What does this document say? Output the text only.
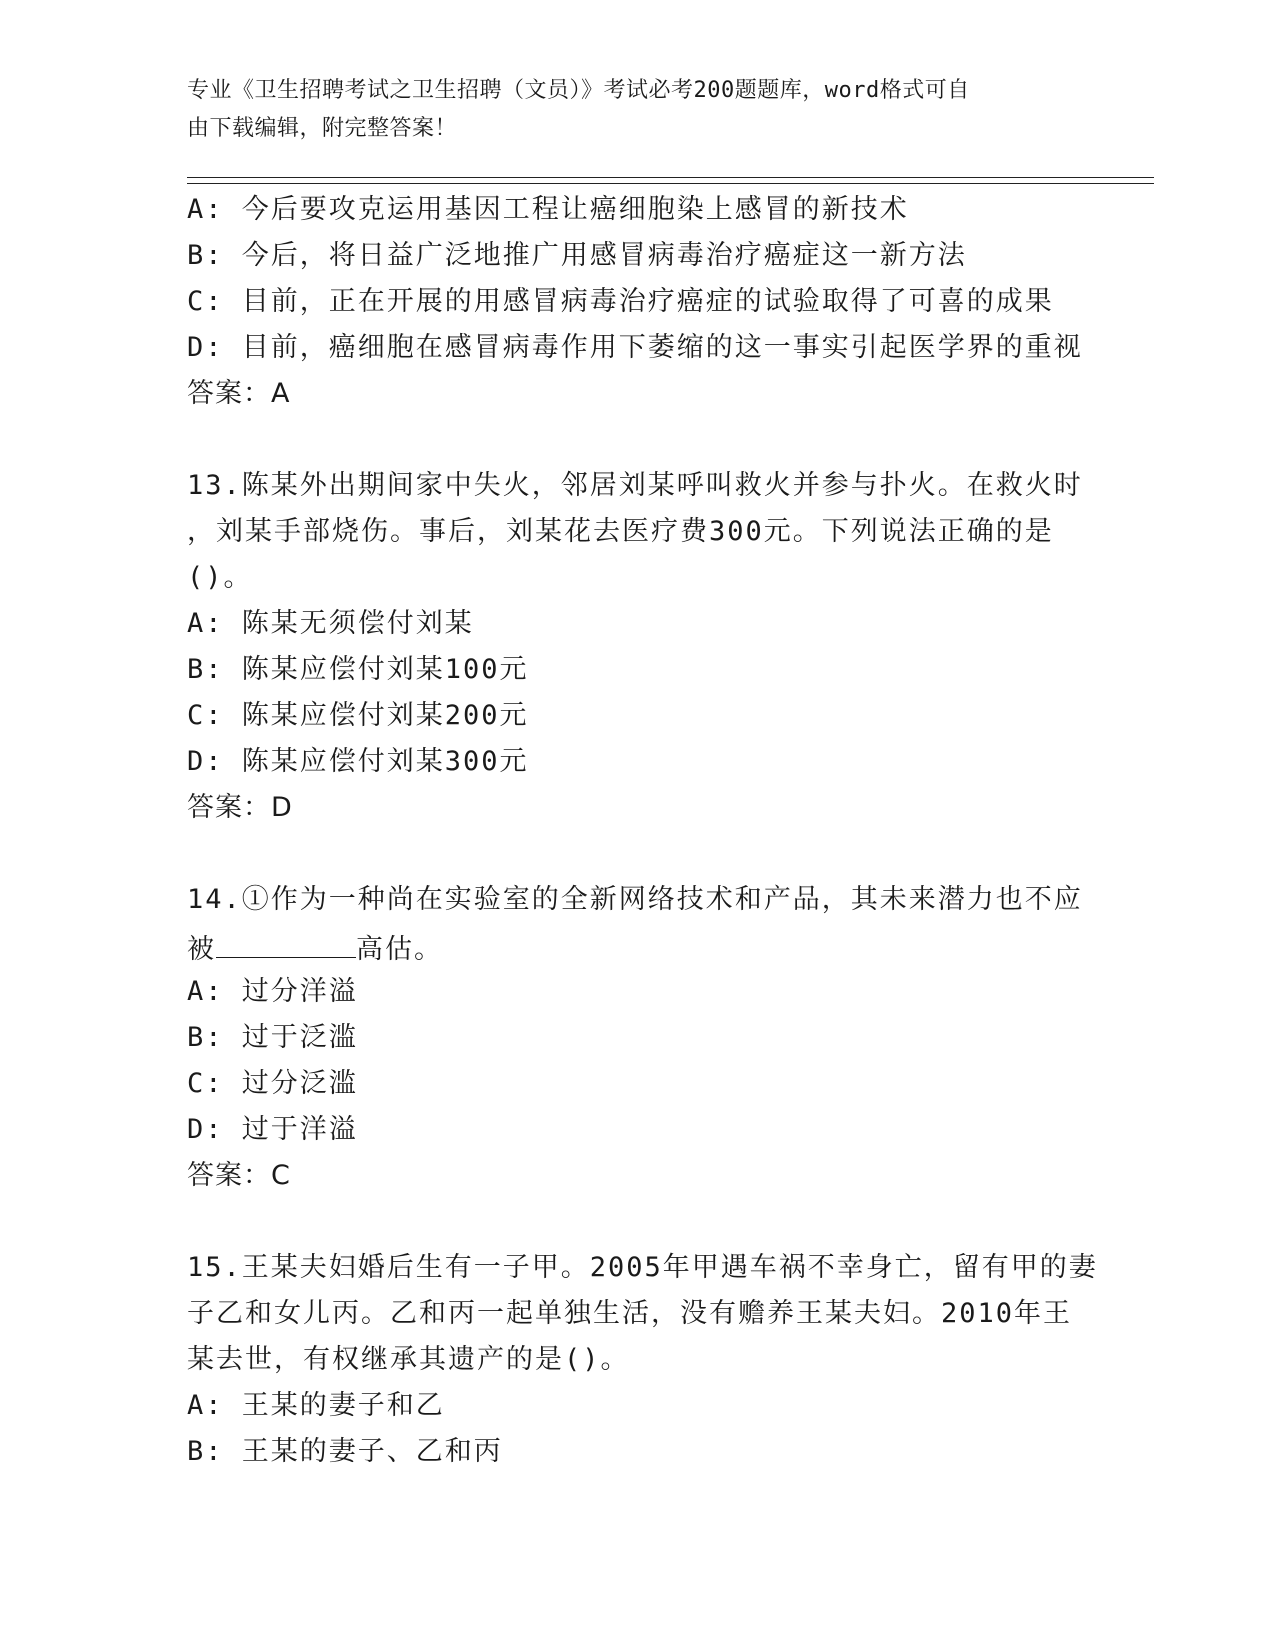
专业《卫生招聘考试之卫生招聘（文员）》考试必考200题题库，word格式可自
由下载编辑，附完整答案！
A: 今后要攻克运用基因工程让癌细胞染上感冒的新技术
B: 今后，将日益广泛地推广用感冒病毒治疗癌症这一新方法
C: 目前，正在开展的用感冒病毒治疗癌症的试验取得了可喜的成果
D: 目前，癌细胞在感冒病毒作用下萎缩的这一事实引起医学界的重视
答案：A
13.陈某外出期间家中失火，邻居刘某呼叫救火并参与扑火。在救火时
，刘某手部烧伤。事后，刘某花去医疗费300元。下列说法正确的是
()。
A: 陈某无须偿付刘某
B: 陈某应偿付刘某100元
C: 陈某应偿付刘某200元
D: 陈某应偿付刘某300元
答案：D
14.①作为一种尚在实验室的全新网络技术和产品，其未来潜力也不应
被	高估。
A: 过分洋溢
B: 过于泛滥
C: 过分泛滥
D: 过于洋溢
答案：C
15.王某夫妇婚后生有一子甲。2005年甲遇车祸不幸身亡，留有甲的妻
子乙和女儿丙。乙和丙一起单独生活，没有赡养王某夫妇。2010年王
某去世，有权继承其遗产的是()。
A: 王某的妻子和乙
B: 王某的妻子、乙和丙
